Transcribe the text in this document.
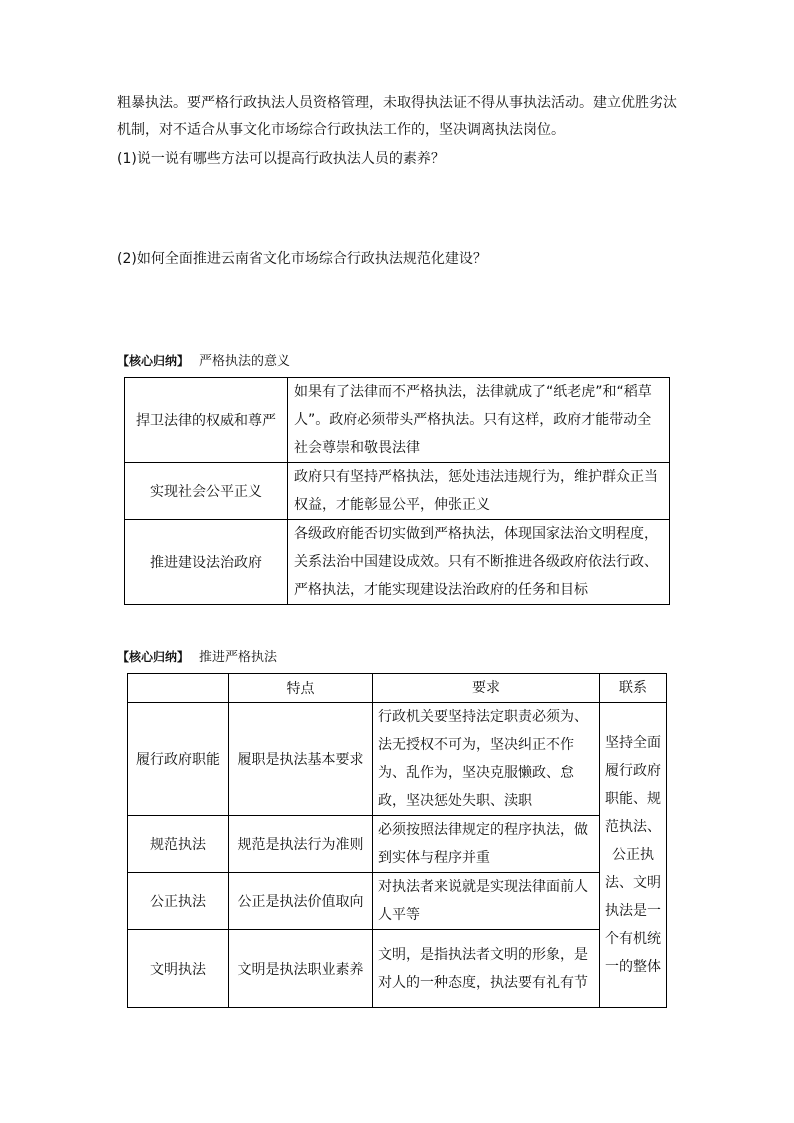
粗暴执法。要严格行政执法人员资格管理，未取得执法证不得从事执法活动。建立优胜劣汰
机制，对不适合从事文化市场综合行政执法工作的，坚决调离执法岗位。
(1)说一说有哪些方法可以提高行政执法人员的素养？
(2)如何全面推进云南省文化市场综合行政执法规范化建设？
【核心归纳】 严格执法的意义
捍卫法律的权威和尊严	如果有了法律而不严格执法，法律就成了“纸老虎”和“稻草人”。政府必须带头严格执法。只有这样，政府才能带动全社会尊崇和敬畏法律
实现社会公平正义	政府只有坚持严格执法，惩处违法违规行为，维护群众正当权益，才能彰显公平，伸张正义
推进建设法治政府	各级政府能否切实做到严格执法，体现国家法治文明程度，关系法治中国建设成效。只有不断推进各级政府依法行政、严格执法，才能实现建设法治政府的任务和目标
【核心归纳】 推进严格执法
	特点	要求	联系
履行政府职能	履职是执法基本要求	行政机关要坚持法定职责必须为、法无授权不可为，坚决纠正不作为、乱作为，坚决克服懒政、怠政，坚决惩处失职、渎职	坚持全面履行政府职能、规范执法、公正执法、文明执法是一个有机统一的整体
规范执法	规范是执法行为准则	必须按照法律规定的程序执法，做到实体与程序并重	
公正执法	公正是执法价值取向	对执法者来说就是实现法律面前人人平等	
文明执法	文明是执法职业素养	文明，是指执法者文明的形象，是对人的一种态度，执法要有礼有节	
